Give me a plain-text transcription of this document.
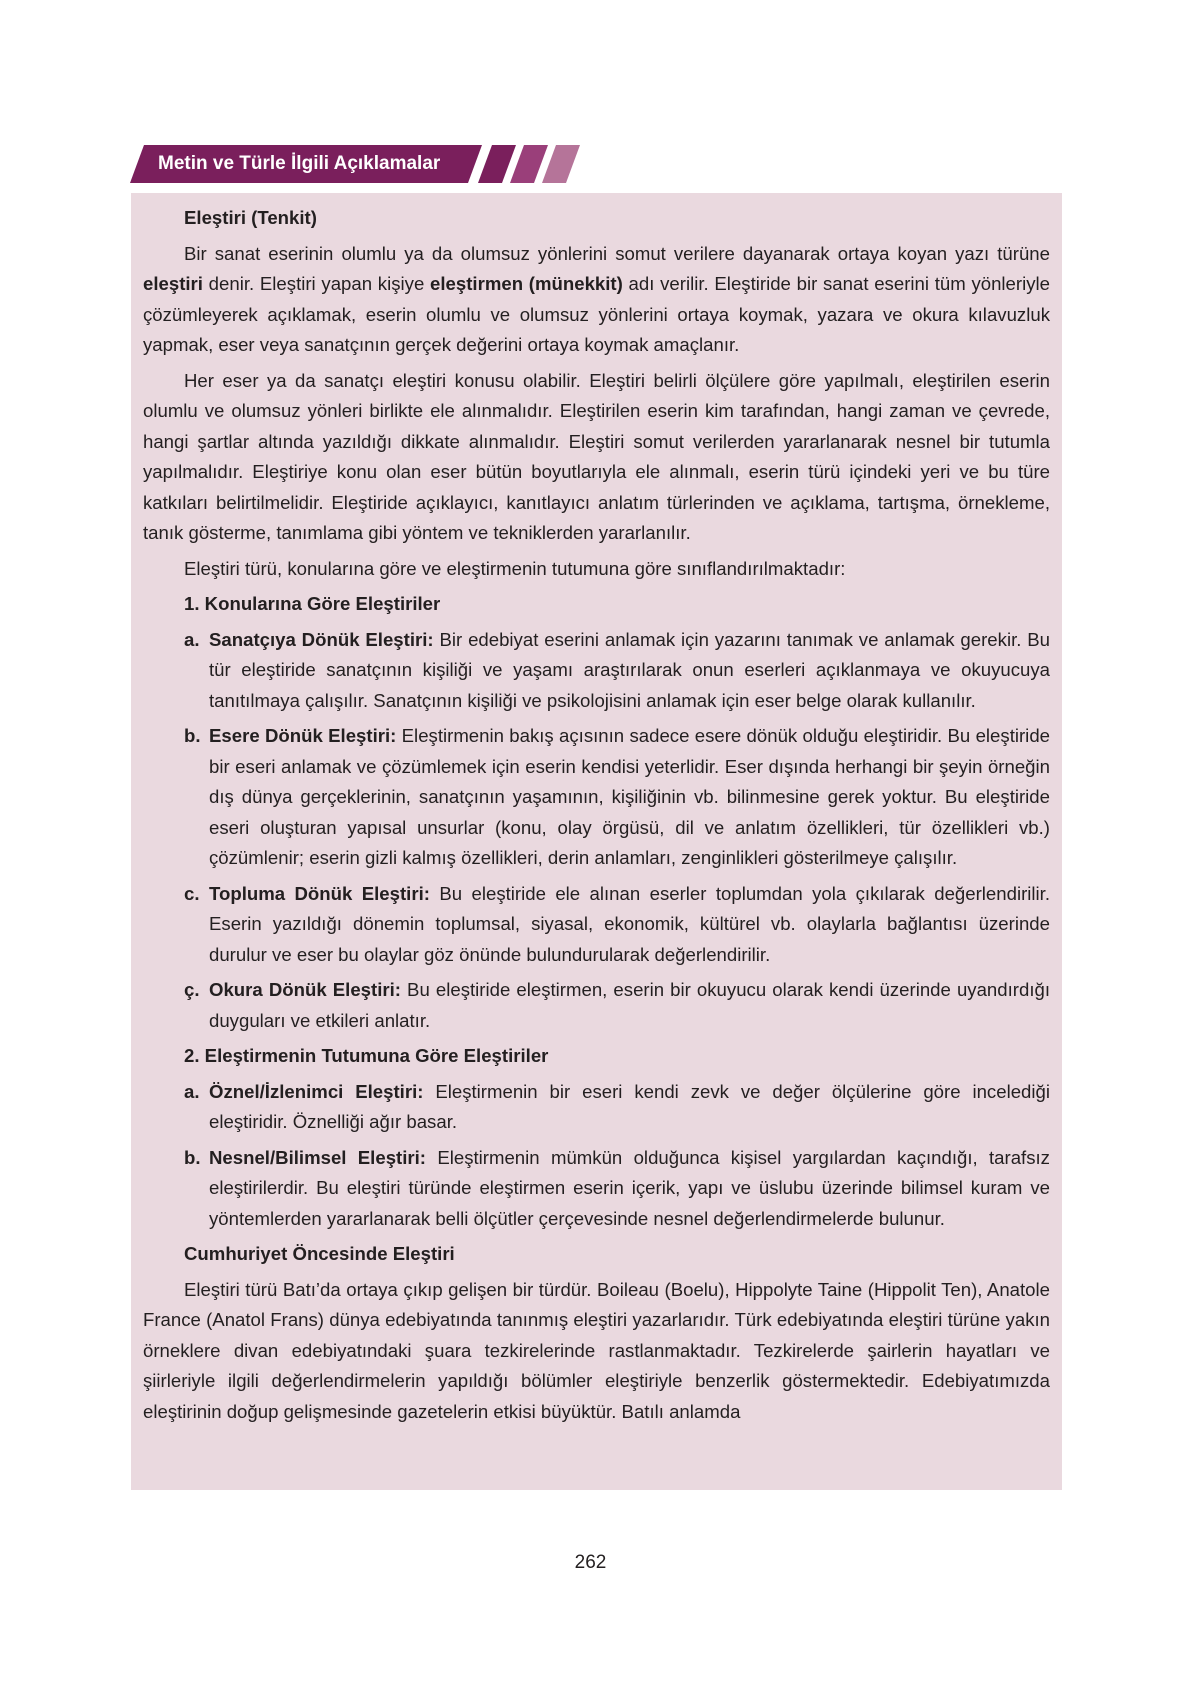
Metin ve Türle İlgili Açıklamalar

Eleştiri (Tenkit)

Bir sanat eserinin olumlu ya da olumsuz yönlerini somut verilere dayanarak ortaya koyan yazı türüne eleştiri denir. Eleştiri yapan kişiye eleştirmen (münekkit) adı verilir. Eleştiride bir sanat eserini tüm yönleriyle çözümleyerek açıklamak, eserin olumlu ve olumsuz yönlerini ortaya koymak, yazara ve okura kılavuzluk yapmak, eser veya sanatçının gerçek değerini ortaya koymak amaçlanır.

Her eser ya da sanatçı eleştiri konusu olabilir. Eleştiri belirli ölçülere göre yapılmalı, eleştirilen eserin olumlu ve olumsuz yönleri birlikte ele alınmalıdır. Eleştirilen eserin kim tarafından, hangi zaman ve çevrede, hangi şartlar altında yazıldığı dikkate alınmalıdır. Eleştiri somut verilerden yararlanarak nesnel bir tutumla yapılmalıdır. Eleştiriye konu olan eser bütün boyutlarıyla ele alınmalı, eserin türü içindeki yeri ve bu türe katkıları belirtilmelidir. Eleştiride açıklayıcı, kanıtlayıcı anlatım türlerinden ve açıklama, tartışma, örnekleme, tanık gösterme, tanımlama gibi yöntem ve tekniklerden yararlanılır.

Eleştiri türü, konularına göre ve eleştirmenin tutumuna göre sınıflandırılmaktadır:

1. Konularına Göre Eleştiriler

a. Sanatçıya Dönük Eleştiri: Bir edebiyat eserini anlamak için yazarını tanımak ve anlamak gerekir. Bu tür eleştiride sanatçının kişiliği ve yaşamı araştırılarak onun eserleri açıklanmaya ve okuyucuya tanıtılmaya çalışılır. Sanatçının kişiliği ve psikolojisini anlamak için eser belge olarak kullanılır.

b. Esere Dönük Eleştiri: Eleştirmenin bakış açısının sadece esere dönük olduğu eleştiridir. Bu eleştiride bir eseri anlamak ve çözümlemek için eserin kendisi yeterlidir. Eser dışında herhangi bir şeyin örneğin dış dünya gerçeklerinin, sanatçının yaşamının, kişiliğinin vb. bilinmesine gerek yoktur. Bu eleştiride eseri oluşturan yapısal unsurlar (konu, olay örgüsü, dil ve anlatım özellikleri, tür özellikleri vb.) çözümlenir; eserin gizli kalmış özellikleri, derin anlamları, zenginlikleri gösterilmeye çalışılır.

c. Topluma Dönük Eleştiri: Bu eleştiride ele alınan eserler toplumdan yola çıkılarak değerlendirilir. Eserin yazıldığı dönemin toplumsal, siyasal, ekonomik, kültürel vb. olaylarla bağlantısı üzerinde durulur ve eser bu olaylar göz önünde bulundurularak değerlendirilir.

ç. Okura Dönük Eleştiri: Bu eleştiride eleştirmen, eserin bir okuyucu olarak kendi üzerinde uyandırdığı duyguları ve etkileri anlatır.

2. Eleştirmenin Tutumuna Göre Eleştiriler

a. Öznel/İzlenimci Eleştiri: Eleştirmenin bir eseri kendi zevk ve değer ölçülerine göre incelediği eleştiridir. Öznelliği ağır basar.

b. Nesnel/Bilimsel Eleştiri: Eleştirmenin mümkün olduğunca kişisel yargılardan kaçındığı, tarafsız eleştirilerdir. Bu eleştiri türünde eleştirmen eserin içerik, yapı ve üslubu üzerinde bilimsel kuram ve yöntemlerden yararlanarak belli ölçütler çerçevesinde nesnel değerlendirmelerde bulunur.

Cumhuriyet Öncesinde Eleştiri

Eleştiri türü Batı’da ortaya çıkıp gelişen bir türdür. Boileau (Boelu), Hippolyte Taine (Hippolit Ten), Anatole France (Anatol Frans) dünya edebiyatında tanınmış eleştiri yazarlarıdır. Türk edebiyatında eleştiri türüne yakın örneklere divan edebiyatındaki şuara tezkirelerinde rastlanmaktadır. Tezkirelerde şairlerin hayatları ve şiirleriyle ilgili değerlendirmelerin yapıldığı bölümler eleştiriyle benzerlik göstermektedir. Edebiyatımızda eleştirinin doğup gelişmesinde gazetelerin etkisi büyüktür. Batılı anlamda

262
